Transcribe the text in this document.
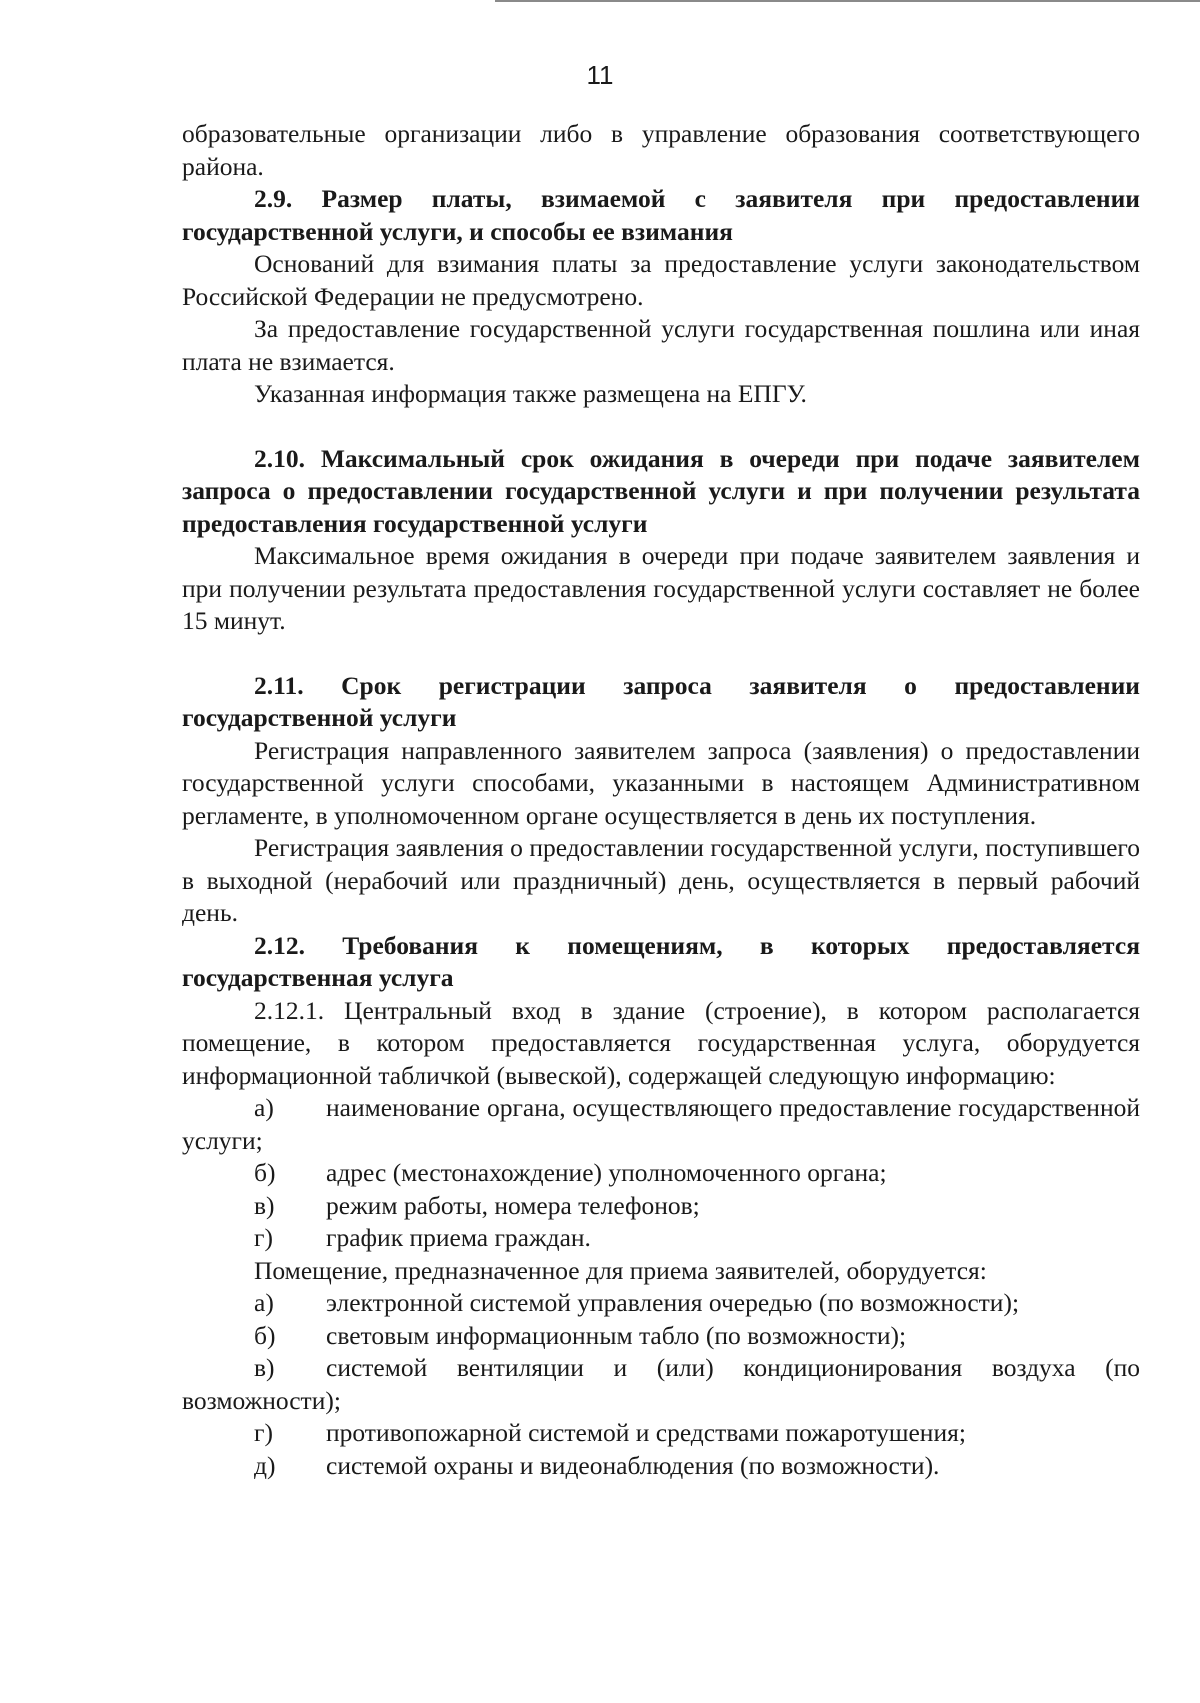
11

образовательные организации либо в управление образования соответствующего района.

2.9. Размер платы, взимаемой с заявителя при предоставлении государственной услуги, и способы ее взимания

Оснований для взимания платы за предоставление услуги законодательством Российской Федерации не предусмотрено.

За предоставление государственной услуги государственная пошлина или иная плата не взимается.

Указанная информация также размещена на ЕПГУ.

2.10. Максимальный срок ожидания в очереди при подаче заявителем запроса о предоставлении государственной услуги и при получении результата предоставления государственной услуги

Максимальное время ожидания в очереди при подаче заявителем заявления и при получении результата предоставления государственной услуги составляет не более 15 минут.

2.11. Срок регистрации запроса заявителя о предоставлении государственной услуги

Регистрация направленного заявителем запроса (заявления) о предоставлении государственной услуги способами, указанными в настоящем Административном регламенте, в уполномоченном органе осуществляется в день их поступления.

Регистрация заявления о предоставлении государственной услуги, поступившего в выходной (нерабочий или праздничный) день, осуществляется в первый рабочий день.

2.12. Требования к помещениям, в которых предоставляется государственная услуга

2.12.1. Центральный вход в здание (строение), в котором располагается помещение, в котором предоставляется государственная услуга, оборудуется информационной табличкой (вывеской), содержащей следующую информацию:

а) наименование органа, осуществляющего предоставление государственной услуги;

б) адрес (местонахождение) уполномоченного органа;

в) режим работы, номера телефонов;

г) график приема граждан.

Помещение, предназначенное для приема заявителей, оборудуется:

а) электронной системой управления очередью (по возможности);

б) световым информационным табло (по возможности);

в) системой вентиляции и (или) кондиционирования воздуха (по возможности);

г) противопожарной системой и средствами пожаротушения;

д) системой охраны и видеонаблюдения (по возможности).
